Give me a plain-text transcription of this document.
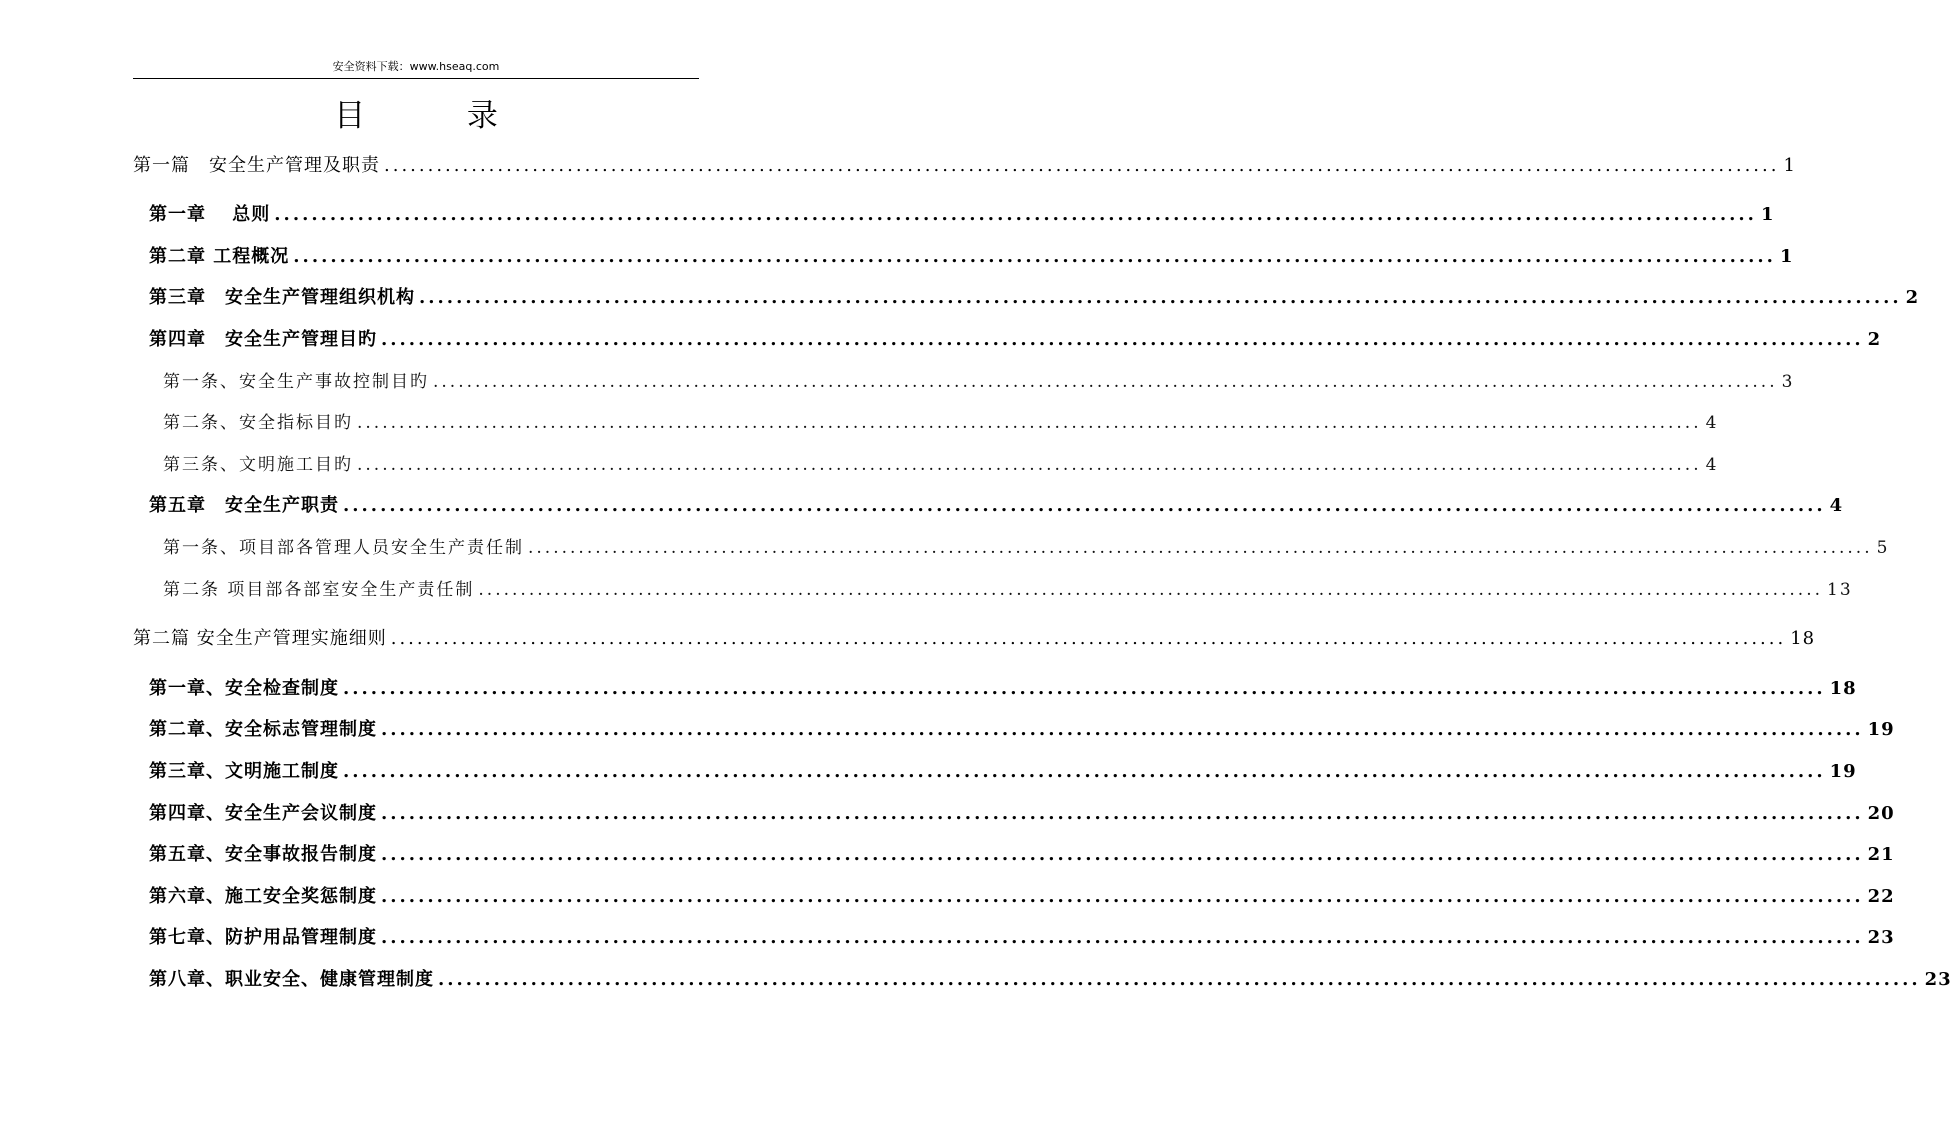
安全资料下载：www.hseaq.com
目 录
第一篇　安全生产管理及职责 ................................................................................................................................................................ 1
第一章　 总则 ................................................................................................................................................................ 1
第二章 工程概况 ................................................................................................................................................................ 1
第三章　安全生产管理组织机构 ................................................................................................................................................................ 2
第四章　安全生产管理目旳 ................................................................................................................................................................ 2
第一条、安全生产事故控制目旳 ................................................................................................................................................................ 3
第二条、安全指标目旳 ................................................................................................................................................................ 4
第三条、文明施工目旳 ................................................................................................................................................................ 4
第五章　安全生产职责 ................................................................................................................................................................ 4
第一条、项目部各管理人员安全生产责任制 ................................................................................................................................................................ 5
第二条 项目部各部室安全生产责任制 ................................................................................................................................................................ 13
第二篇 安全生产管理实施细则 ................................................................................................................................................................ 18
第一章、安全检查制度 ................................................................................................................................................................ 18
第二章、安全标志管理制度 ................................................................................................................................................................ 19
第三章、文明施工制度 ................................................................................................................................................................ 19
第四章、安全生产会议制度 ................................................................................................................................................................ 20
第五章、安全事故报告制度 ................................................................................................................................................................ 21
第六章、施工安全奖惩制度 ................................................................................................................................................................ 22
第七章、防护用品管理制度 ................................................................................................................................................................ 23
第八章、职业安全、健康管理制度 ................................................................................................................................................................ 23
